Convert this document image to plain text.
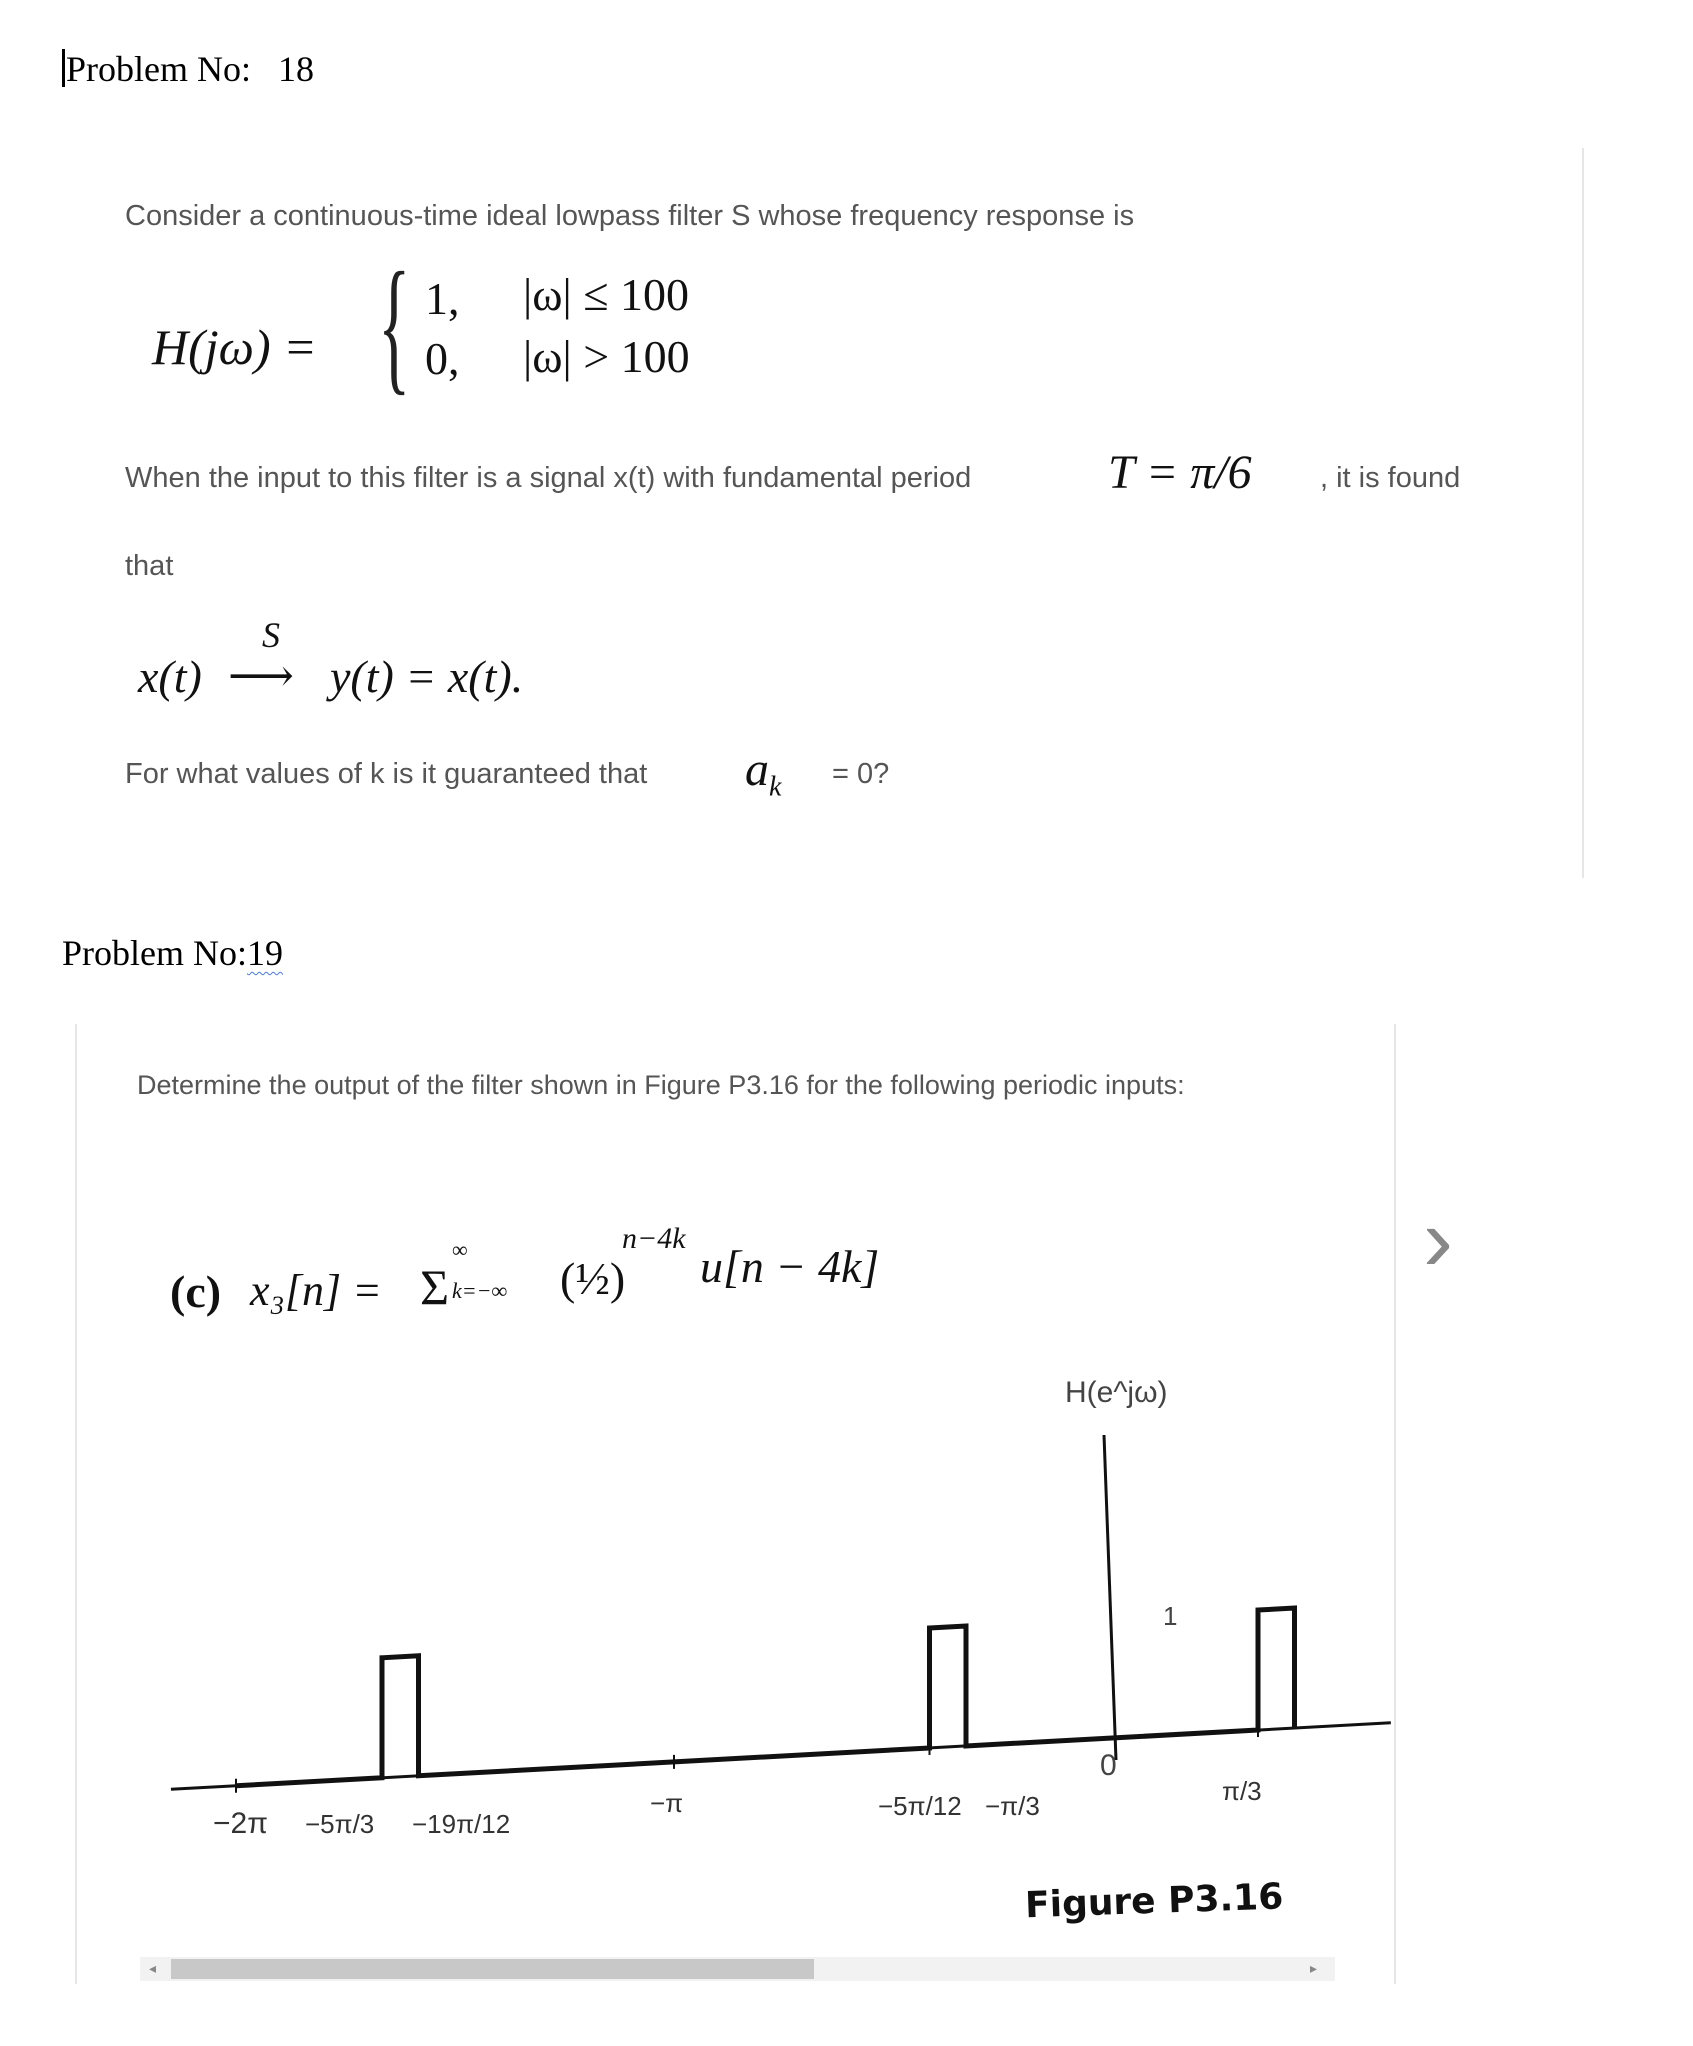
Problem No: 18
Consider a continuous-time ideal lowpass filter S whose frequency response is
H(jω) = { 1, |ω| ≤ 100
0, |ω| > 100
When the input to this filter is a signal x(t) with fundamental period	T = π/6 , it is found
that
x(t)
S
⟶ y(t) = x(t).
For what values of k is it guaranteed that $a_k = 0$?
Problem No:19
Determine the output of the filter shown in Figure P3.16 for the following periodic inputs:
(c) x₃[n] = Σ
∞
k=−∞ (½)
n−4k
u[n − 4k]	›
H(e^jω)
1
0
−2π −5π/3 −19π/12
−π	−5π/12 −π/3	π/3
Figure P3.16
◂	▸
